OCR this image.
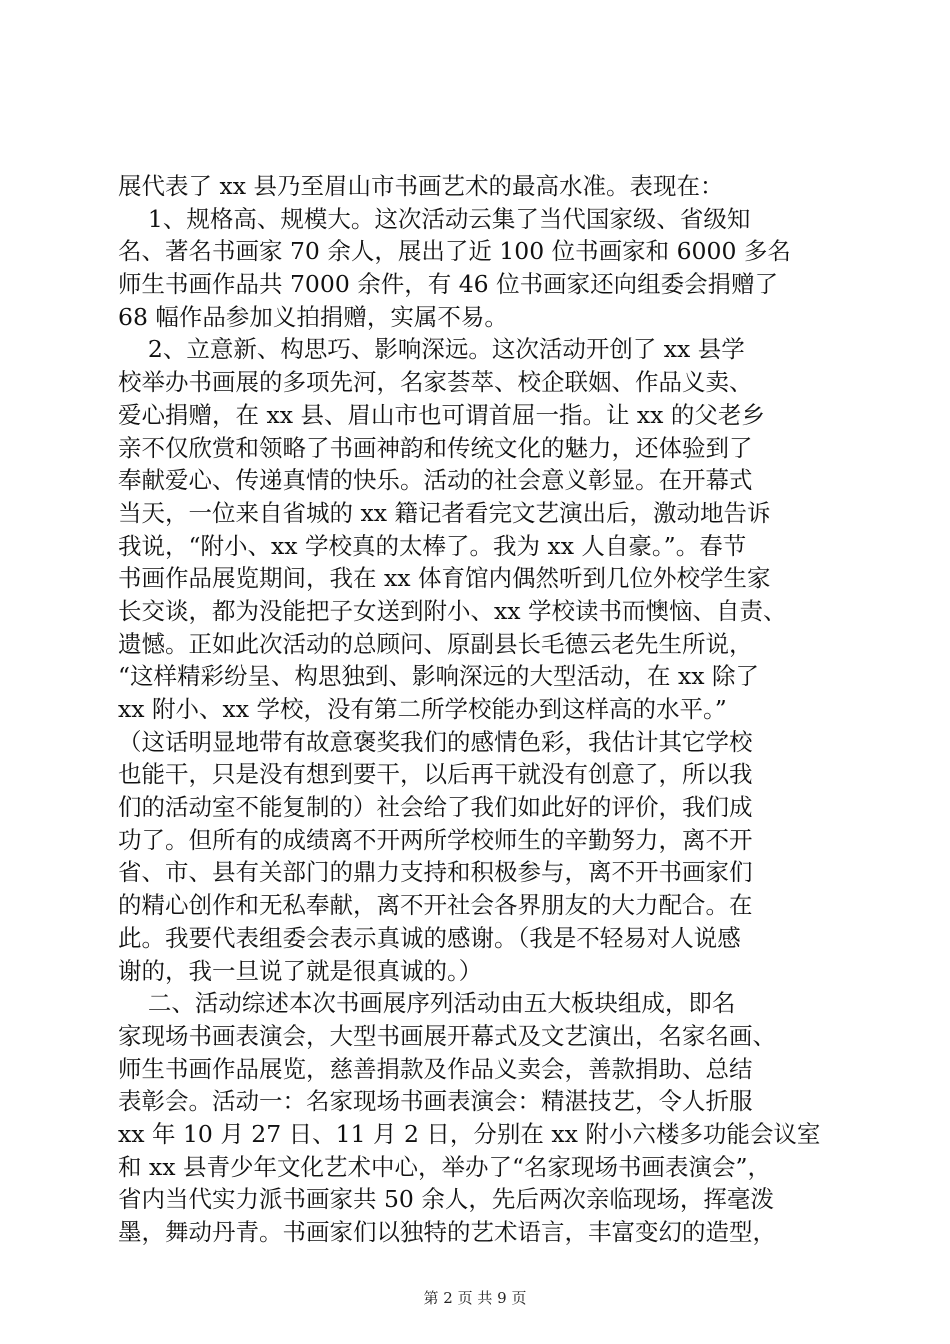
展代表了 xx 县乃至眉山市书画艺术的最高水准。表现在：
1、规格高、规模大。这次活动云集了当代国家级、省级知
名、著名书画家 70 余人，展出了近 100 位书画家和 6000 多名
师生书画作品共 7000 余件，有 46 位书画家还向组委会捐赠了
68 幅作品参加义拍捐赠，实属不易。
2、立意新、构思巧、影响深远。这次活动开创了 xx 县学
校举办书画展的多项先河，名家荟萃、校企联姻、作品义卖、
爱心捐赠，在 xx 县、眉山市也可谓首屈一指。让 xx 的父老乡
亲不仅欣赏和领略了书画神韵和传统文化的魅力，还体验到了
奉献爱心、传递真情的快乐。活动的社会意义彰显。在开幕式
当天，一位来自省城的 xx 籍记者看完文艺演出后，激动地告诉
我说，“附小、xx 学校真的太棒了。我为 xx 人自豪。”。春节
书画作品展览期间，我在 xx 体育馆内偶然听到几位外校学生家
长交谈，都为没能把子女送到附小、xx 学校读书而懊恼、自责、
遗憾。正如此次活动的总顾问、原副县长毛德云老先生所说，
“这样精彩纷呈、构思独到、影响深远的大型活动，在 xx 除了
xx 附小、xx 学校，没有第二所学校能办到这样高的水平。”
（这话明显地带有故意褒奖我们的感情色彩，我估计其它学校
也能干，只是没有想到要干，以后再干就没有创意了，所以我
们的活动室不能复制的）社会给了我们如此好的评价，我们成
功了。但所有的成绩离不开两所学校师生的辛勤努力，离不开
省、市、县有关部门的鼎力支持和积极参与，离不开书画家们
的精心创作和无私奉献，离不开社会各界朋友的大力配合。在
此。我要代表组委会表示真诚的感谢。（我是不轻易对人说感
谢的，我一旦说了就是很真诚的。）
二、活动综述本次书画展序列活动由五大板块组成，即名
家现场书画表演会，大型书画展开幕式及文艺演出，名家名画、
师生书画作品展览，慈善捐款及作品义卖会，善款捐助、总结
表彰会。活动一：名家现场书画表演会：精湛技艺，令人折服
xx 年 10 月 27 日、11 月 2 日，分别在 xx 附小六楼多功能会议室
和 xx 县青少年文化艺术中心，举办了“名家现场书画表演会”，
省内当代实力派书画家共 50 余人，先后两次亲临现场，挥毫泼
墨，舞动丹青。书画家们以独特的艺术语言，丰富变幻的造型，
第 2 页 共 9 页
